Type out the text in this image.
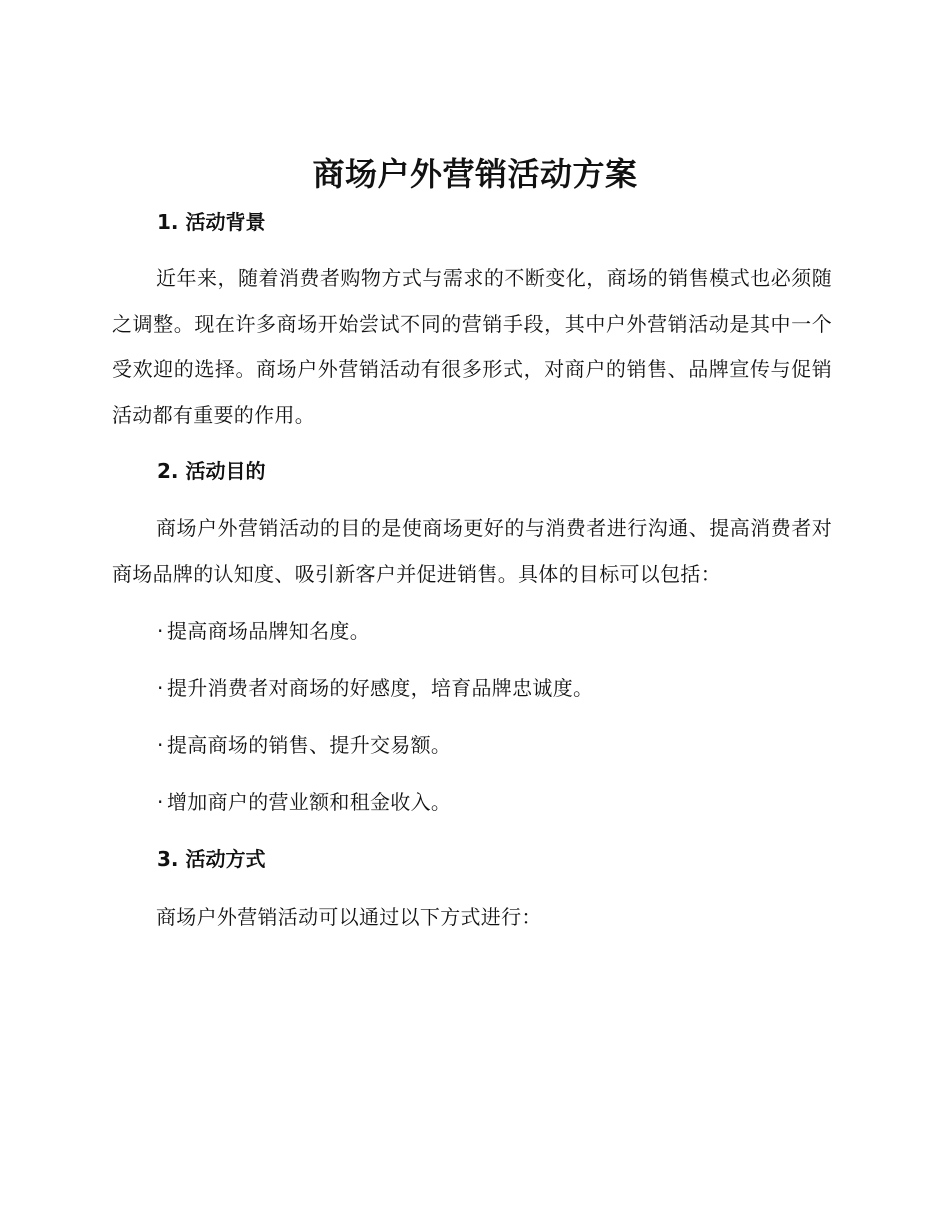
商场户外营销活动方案
1. 活动背景
近年来，随着消费者购物方式与需求的不断变化，商场的销售模式也必须随之调整。现在许多商场开始尝试不同的营销手段，其中户外营销活动是其中一个受欢迎的选择。商场户外营销活动有很多形式，对商户的销售、品牌宣传与促销活动都有重要的作用。
2. 活动目的
商场户外营销活动的目的是使商场更好的与消费者进行沟通、提高消费者对商场品牌的认知度、吸引新客户并促进销售。具体的目标可以包括：
· 提高商场品牌知名度。
· 提升消费者对商场的好感度，培育品牌忠诚度。
· 提高商场的销售、提升交易额。
· 增加商户的营业额和租金收入。
3. 活动方式
商场户外营销活动可以通过以下方式进行：
